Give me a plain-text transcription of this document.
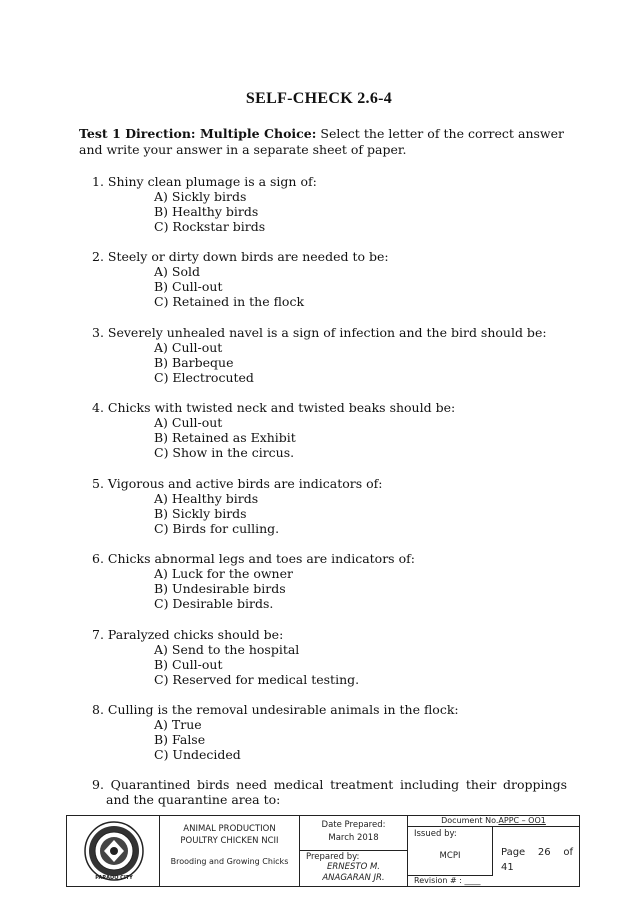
SELF-CHECK 2.6-4
Test 1 Direction: Multiple Choice: Select the letter of the correct answer and write your answer in a separate sheet of paper.
1. Shiny clean plumage is a sign of:
A) Sickly birds
B) Healthy birds
C) Rockstar birds
2. Steely or dirty down birds are needed to be:
A) Sold
B) Cull-out
C) Retained in the flock
3. Severely unhealed navel is a sign of infection and the bird should be:
A) Cull-out
B) Barbeque
C) Electrocuted
4. Chicks with twisted neck and twisted beaks should be:
A) Cull-out
B) Retained as Exhibit
C) Show in the circus.
5. Vigorous and active birds are indicators of:
A) Healthy birds
B) Sickly birds
C) Birds for culling.
6. Chicks abnormal legs and toes are indicators of:
A) Luck for the owner
B) Undesirable birds
C) Desirable birds.
7. Paralyzed chicks should be:
A) Send to the hospital
B) Cull-out
C) Reserved for medical testing.
8. Culling is the removal undesirable animals in the flock:
A) True
B) False
C) Undecided
9. Quarantined birds need medical treatment including their droppings and the quarantine area to:
PARADO CITY
ANIMAL PRODUCTION
POULTRY CHICKEN NCII
Brooding and Growing Chicks
Date Prepared:
March 2018
Prepared by:
ERNESTO M.
ANAGARAN JR.
Document No.APPC – OO1
Issued by:
MCPI
Revision # : ____
Page 26 of
41
